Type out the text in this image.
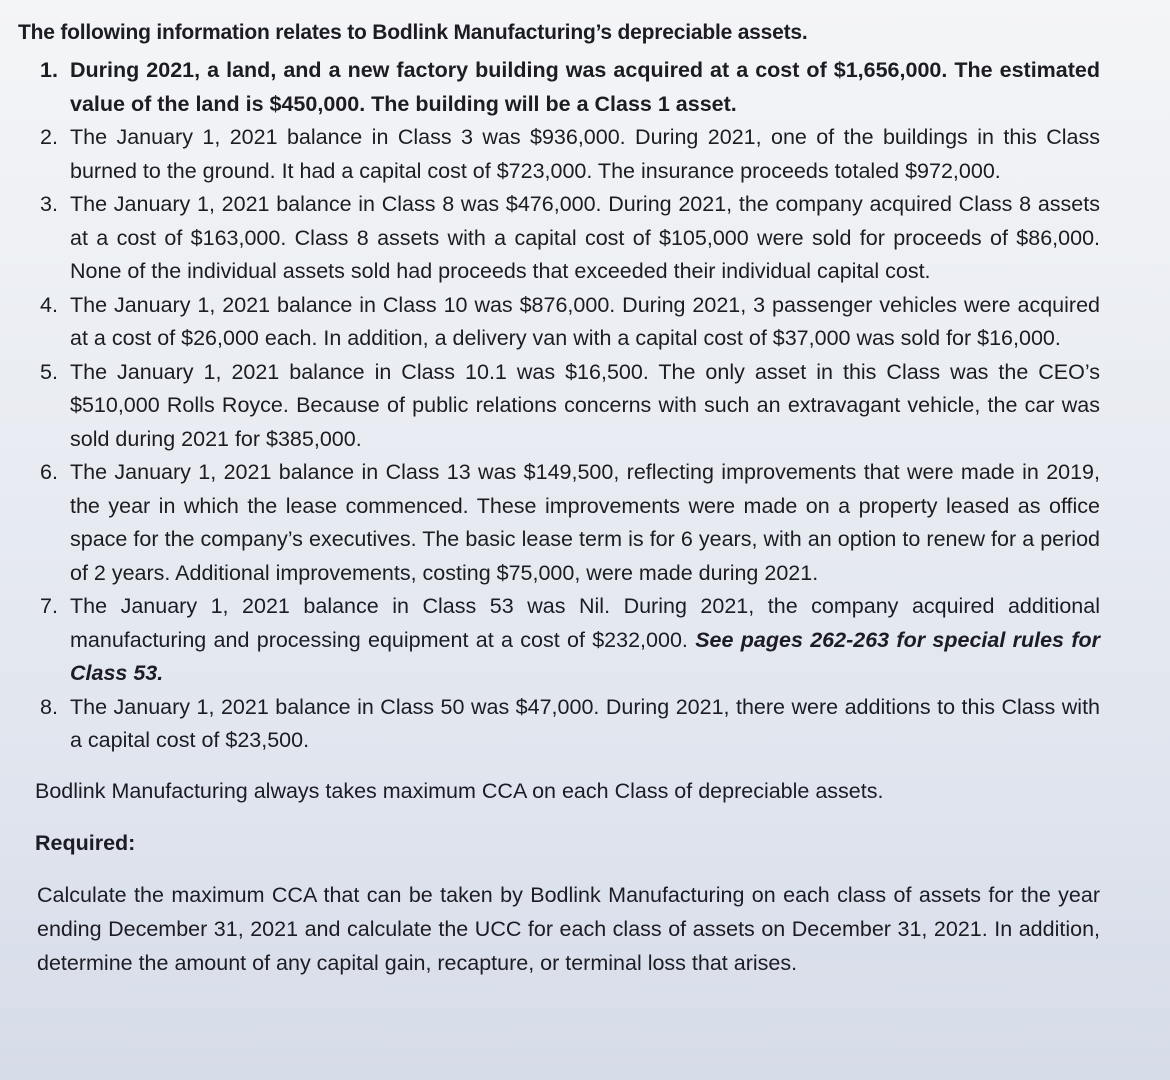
The following information relates to Bodlink Manufacturing’s depreciable assets.

1. During 2021, a land, and a new factory building was acquired at a cost of $1,656,000. The estimated value of the land is $450,000. The building will be a Class 1 asset.
2. The January 1, 2021 balance in Class 3 was $936,000. During 2021, one of the buildings in this Class burned to the ground. It had a capital cost of $723,000. The insurance proceeds totaled $972,000.
3. The January 1, 2021 balance in Class 8 was $476,000. During 2021, the company acquired Class 8 assets at a cost of $163,000. Class 8 assets with a capital cost of $105,000 were sold for proceeds of $86,000. None of the individual assets sold had proceeds that exceeded their individual capital cost.
4. The January 1, 2021 balance in Class 10 was $876,000. During 2021, 3 passenger vehicles were acquired at a cost of $26,000 each. In addition, a delivery van with a capital cost of $37,000 was sold for $16,000.
5. The January 1, 2021 balance in Class 10.1 was $16,500. The only asset in this Class was the CEO’s $510,000 Rolls Royce. Because of public relations concerns with such an extravagant vehicle, the car was sold during 2021 for $385,000.
6. The January 1, 2021 balance in Class 13 was $149,500, reflecting improvements that were made in 2019, the year in which the lease commenced. These improvements were made on a property leased as office space for the company’s executives. The basic lease term is for 6 years, with an option to renew for a period of 2 years. Additional improvements, costing $75,000, were made during 2021.
7. The January 1, 2021 balance in Class 53 was Nil. During 2021, the company acquired additional manufacturing and processing equipment at a cost of $232,000. See pages 262-263 for special rules for Class 53.
8. The January 1, 2021 balance in Class 50 was $47,000. During 2021, there were additions to this Class with a capital cost of $23,500.

Bodlink Manufacturing always takes maximum CCA on each Class of depreciable assets.

Required:

Calculate the maximum CCA that can be taken by Bodlink Manufacturing on each class of assets for the year ending December 31, 2021 and calculate the UCC for each class of assets on December 31, 2021. In addition, determine the amount of any capital gain, recapture, or terminal loss that arises.
